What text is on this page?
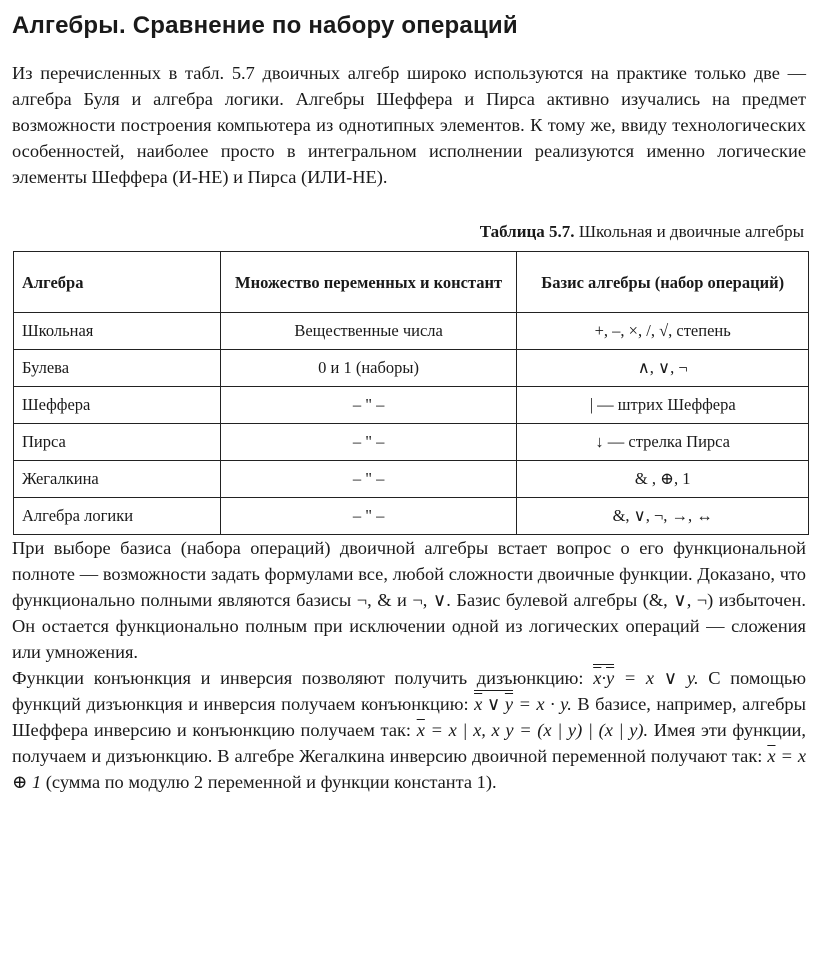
Алгебры. Сравнение по набору операций

Из перечисленных в табл. 5.7 двоичных алгебр широко используются на практике только две — алгебра Буля и алгебра логики. Алгебры Шеффера и Пирса активно изучались на предмет возможности построения компьютера из однотипных элементов. К тому же, ввиду технологических особенностей, наиболее просто в интегральном исполнении реализуются именно логические элементы Шеффера (И-НЕ) и Пирса (ИЛИ-НЕ).

Таблица 5.7. Школьная и двоичные алгебры
Алгебра	Множество переменных и констант	Базис алгебры (набор операций)
Школьная	Вещественные числа	+, –, ×, /, √, степень
Булева	0 и 1 (наборы)	∧, ∨, ¬
Шеффера	– " –	| — штрих Шеффера
Пирса	– " –	↓ — стрелка Пирса
Жегалкина	– " –	& , ⊕, 1
Алгебра логики	– " –	&, ∨, ¬, →, ↔

При выборе базиса (набора операций) двоичной алгебры встает вопрос о его функциональной полноте — возможности задать формулами все, любой сложности двоичные функции. Доказано, что функционально полными являются базисы ¬, & и ¬, ∨. Базис булевой алгебры (&, ∨, ¬) избыточен. Он остается функционально полным при исключении одной из логических операций — сложения или умножения.

Функции конъюнкция и инверсия позволяют получить дизъюнкцию: $\overline{x}\cdot\overline{y} = x$ ∨ y. С помощью функций дизъюнкция и инверсия получаем конъюнкцию: $\overline{x}$ ∨ $\overline{y} = x \cdot y$. В базисе, например, алгебры Шеффера инверсию и конъюнкцию получаем так: $\overline{x} = x$ | x, x y = (x | y) | (x | y). Имея эти функции, получаем и дизъюнкцию. В алгебре Жегалкина инверсию двоичной переменной получают так: $\overline{x} = x$ ⊕ 1 (сумма по модулю 2 переменной и функции константа 1).
